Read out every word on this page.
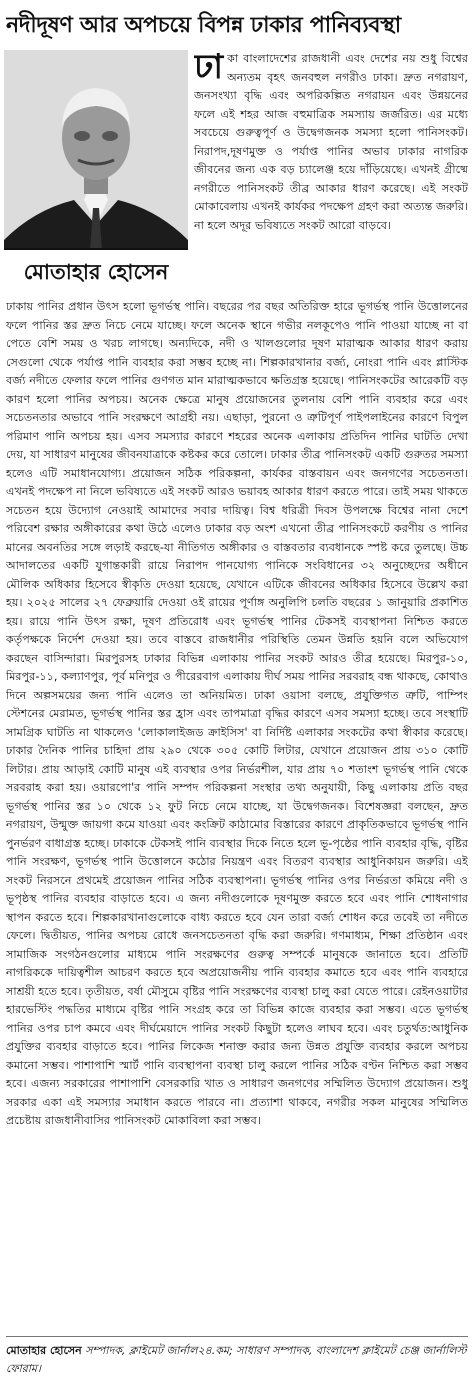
নদীদূষণ আর অপচয়ে বিপন্ন ঢাকার পানিব্যবস্থা
মোতাহার হোসেন
ঢা কা বাংলাদেশের রাজধানী এবং দেশের নয় শুধু বিশ্বের অন্যতম বৃহৎ জনবহুল নগরীও ঢাকা। দ্রুত নগরায়ণ, জনসংখ্যা বৃদ্ধি এবং অপরিকল্পিত নগরায়ন এবং উন্নয়নের ফলে এই শহর আজ বহুমাত্রিক সমস্যায় জর্জরিত। এর মধ্যে সবচেয়ে গুরুত্বপূর্ণ ও উদ্বেগজনক সমস্যা হলো পানিসংকট। নিরাপদ,দূষণমুক্ত ও পর্যাপ্ত পানির অভাব ঢাকার নাগরিক জীবনের জন্য এক বড় চ্যালেঞ্জ হয়ে দাঁড়িয়েছে। এখনই গ্রীষ্মে নগরীতে পানিসংকট তীব্র আকার ধারণ করেছে। এই সংকট মোকাবেলায় এখনই কার্যকর পদক্ষেপ গ্রহণ করা অত্যন্ত জরুরি। না হলে অদূর ভবিষ্যতে সংকট আরো বাড়বে।

ঢাকায় পানির প্রধান উৎস হলো ভূগর্ভস্থ পানি। বছরের পর বছর অতিরিক্ত হারে ভূগর্ভস্থ পানি উত্তোলনের ফলে পানির স্তর দ্রুত নিচে নেমে যাচ্ছে। ফলে অনেক স্থানে গভীর নলকূপেও পানি পাওয়া যাচ্ছে না বা পেতে বেশি সময় ও খরচ লাগছে। অন্যদিকে, নদী ও খালগুলোর দূষণ মারাত্মক আকার ধারণ করায় সেগুলো থেকে পর্যাপ্ত পানি ব্যবহার করা সম্ভব হচ্ছে না। শিল্পকারখানার বর্জ্য, নোংরা পানি এবং প্লাস্টিক বর্জ্য নদীতে ফেলার ফলে পানির গুণগত মান মারাত্মকভাবে ক্ষতিগ্রস্ত হয়েছে। পানিসংকটের আরেকটি বড় কারণ হলো পানির অপচয়। অনেক ক্ষেত্রে মানুষ প্রয়োজনের তুলনায় বেশি পানি ব্যবহার করে এবং সচেতনতার অভাবে পানি সংরক্ষণে আগ্রহী নয়। এছাড়া, পুরনো ও ত্রুটিপূর্ণ পাইপলাইনের কারণে বিপুল পরিমাণ পানি অপচয় হয়। এসব সমস্যার কারণে শহরের অনেক এলাকায় প্রতিদিন পানির ঘাটতি দেখা দেয়, যা সাধারণ মানুষের জীবনযাত্রাকে কষ্টকর করে তোলে। ঢাকার তীব্র পানিসংকট একটি গুরুতর সমস্যা হলেও এটি সমাধানযোগ্য। প্রয়োজন সঠিক পরিকল্পনা, কার্যকর বাস্তবায়ন এবং জনগণের সচেতনতা। এখনই পদক্ষেপ না নিলে ভবিষ্যতে এই সংকট আরও ভয়াবহ আকার ধারণ করতে পারে। তাই সময় থাকতে সচেতন হয়ে উদ্যোগ নেওয়াই আমাদের সবার দায়িত্ব। বিশ্ব ধরিত্রী দিবস উপলক্ষে বিশ্বের নানা দেশে পরিবেশ রক্ষার অঙ্গীকারের কথা উঠে এলেও ঢাকার বড় অংশ এখনো তীব্র পানিসংকটে করণীয় ও পানির মানের অবনতির সঙ্গে লড়াই করছে-যা নীতিগত অঙ্গীকার ও বাস্তবতার ব্যবধানকে স্পষ্ট করে তুলছে। উচ্চ আদালতের একটি যুগান্তকারী রায়ে নিরাপদ পানযোগ্য পানিকে সংবিধানের ৩২ অনুচ্ছেদের অধীনে মৌলিক অধিকার হিসেবে স্বীকৃতি দেওয়া হয়েছে, যেখানে এটিকে জীবনের অধিকার হিসেবে উল্লেখ করা হয়। ২০২৫ সালের ২৭ ফেব্রুয়ারি দেওয়া ওই রায়ের পূর্ণাঙ্গ অনুলিপি চলতি বছরের ১ জানুয়ারি প্রকাশিত হয়। রায়ে পানি উৎস রক্ষা, দূষণ প্রতিরোধ এবং ভূগর্ভস্থ পানির টেকসই ব্যবস্থাপনা নিশ্চিত করতে কর্তৃপক্ষকে নির্দেশ দেওয়া হয়। তবে বাস্তবে রাজধানীর পরিস্থিতি তেমন উন্নতি হয়নি বলে অভিযোগ করছেন বাসিন্দারা। মিরপুরসহ ঢাকার বিভিন্ন এলাকায় পানির সংকট আরও তীব্র হয়েছে। মিরপুর-১০, মিরপুর-১১, কল্যাণপুর, পূর্ব মনিপুর ও পীরেরবাগ এলাকায় দীর্ঘ সময় পানির সরবরাহ বন্ধ থাকছে, কোথাও দিনে অল্পসময়ের জন্য পানি এলেও তা অনিয়মিত। ঢাকা ওয়াসা বলছে, প্রযুক্তিগত ত্রুটি, পাম্পিং স্টেশনের মেরামত, ভূগর্ভস্থ পানির স্তর হ্রাস এবং তাপমাত্রা বৃদ্ধির কারণে এসব সমস্যা হচ্ছে। তবে সংস্থাটি সামগ্রিক ঘাটতি না থাকলেও 'লোকালাইজড ক্রাইসিস' বা নির্দিষ্ট এলাকার সংকটের কথা স্বীকার করেছে। ঢাকার দৈনিক পানির চাহিদা প্রায় ২৯০ থেকে ৩০৫ কোটি লিটার, যেখানে প্রয়োজন প্রায় ৩১০ কোটি লিটার। প্রায় আড়াই কোটি মানুষ এই ব্যবস্থার ওপর নির্ভরশীল, যার প্রায় ৭০ শতাংশ ভূগর্ভস্থ পানি থেকে সরবরাহ করা হয়। ওয়ারপো'র পানি সম্পদ পরিকল্পনা সংস্থার তথ্য অনুযায়ী, কিছু এলাকায় প্রতি বছর ভূগর্ভস্থ পানির স্তর ১০ থেকে ১২ ফুট নিচে নেমে যাচ্ছে, যা উদ্বেগজনক। বিশেষজ্ঞরা বলছেন, দ্রুত নগরায়ণ, উন্মুক্ত জায়গা কমে যাওয়া এবং কংক্রিট কাঠামোর বিস্তারের কারণে প্রাকৃতিকভাবে ভূগর্ভস্থ পানি পুনর্ভরণ বাধাগ্রস্ত হচ্ছে। ঢাকাকে টেকসই পানি ব্যবস্থার দিকে নিতে হলে ভূ-পৃষ্ঠের পানি ব্যবহার বৃদ্ধি, বৃষ্টির পানি সংরক্ষণ, ভূগর্ভস্থ পানি উত্তোলনে কঠোর নিয়ন্ত্রণ এবং বিতরণ ব্যবস্থার আধুনিকায়ন জরুরি। এই সংকট নিরসনে প্রথমেই প্রয়োজন পানির সঠিক ব্যবস্থাপনা। ভূগর্ভস্থ পানির ওপর নির্ভরতা কমিয়ে নদী ও ভূপৃষ্ঠস্থ পানির ব্যবহার বাড়াতে হবে। এ জন্য নদীগুলোকে দূষণমুক্ত করতে হবে এবং পানি শোধনাগার স্থাপন করতে হবে। শিল্পকারখানাগুলোকে বাধ্য করতে হবে যেন তারা বর্জ্য শোধন করে তবেই তা নদীতে ফেলে। দ্বিতীয়ত, পানির অপচয় রোধে জনসচেতনতা বৃদ্ধি করা জরুরি। গণমাধ্যম, শিক্ষা প্রতিষ্ঠান এবং সামাজিক সংগঠনগুলোর মাধ্যমে পানি সংরক্ষণের গুরুত্ব সম্পর্কে মানুষকে জানাতে হবে। প্রতিটি নাগরিককে দায়িত্বশীল আচরণ করতে হবে অপ্রয়োজনীয় পানি ব্যবহার কমাতে হবে এবং পানি ব্যবহারে সাশ্রয়ী হতে হবে। তৃতীয়ত, বর্ষা মৌসুমে বৃষ্টির পানি সংরক্ষণের ব্যবস্থা চালু করা যেতে পারে। রেইনওয়াটার হারভেস্টিং পদ্ধতির মাধ্যমে বৃষ্টির পানি সংগ্রহ করে তা বিভিন্ন কাজে ব্যবহার করা সম্ভব। এতে ভূগর্ভস্থ পানির ওপর চাপ কমবে এবং দীর্ঘমেয়াদে পানির সংকট কিছুটা হলেও লাঘব হবে। এবং চতুর্থত:আধুনিক প্রযুক্তির ব্যবহার বাড়াতে হবে। পানির লিকেজ শনাক্ত করার জন্য উন্নত প্রযুক্তি ব্যবহার করলে অপচয় কমানো সম্ভব। পাশাপাশি স্মার্ট পানি ব্যবস্থাপনা ব্যবস্থা চালু করলে পানির সঠিক বণ্টন নিশ্চিত করা সম্ভব হবে। এজন্য সরকারের পাশাপাশি বেসরকারি খাত ও সাধারণ জনগণের সম্মিলিত উদ্যোগ প্রয়োজন। শুধু সরকার একা এই সমস্যার সমাধান করতে পারবে না। প্রত্যাশা থাকবে, নগরীর সকল মানুষের সম্মিলিত প্রচেষ্টায় রাজধানীবাসির পানিসংকট মোকাবিলা করা সম্ভব।

মোতাহার হোসেন সম্পাদক, ক্লাইমেট জার্নাল২৪.কম; সাধারণ সম্পাদক, বাংলাদেশ ক্লাইমেট চেঞ্জ জার্নালিস্ট ফোরাম।
